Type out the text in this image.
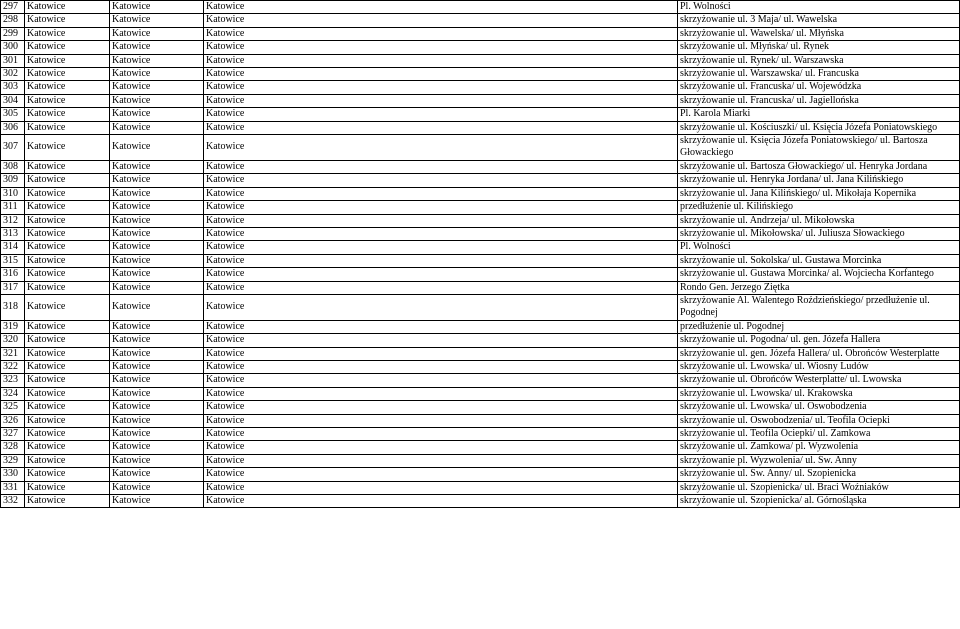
297	Katowice	Katowice	Katowice	Pl. Wolności
298	Katowice	Katowice	Katowice	skrzyżowanie ul. 3 Maja/ ul. Wawelska
299	Katowice	Katowice	Katowice	skrzyżowanie ul. Wawelska/ ul. Młyńska
300	Katowice	Katowice	Katowice	skrzyżowanie ul. Młyńska/ ul. Rynek
301	Katowice	Katowice	Katowice	skrzyżowanie ul. Rynek/ ul. Warszawska
302	Katowice	Katowice	Katowice	skrzyżowanie ul. Warszawska/ ul. Francuska
303	Katowice	Katowice	Katowice	skrzyżowanie ul. Francuska/ ul. Wojewódzka
304	Katowice	Katowice	Katowice	skrzyżowanie ul. Francuska/ ul. Jagiellońska
305	Katowice	Katowice	Katowice	Pl. Karola Miarki
306	Katowice	Katowice	Katowice	skrzyżowanie ul. Kościuszki/ ul. Księcia Józefa Poniatowskiego
307	Katowice	Katowice	Katowice	skrzyżowanie ul. Księcia Józefa Poniatowskiego/ ul. Bartosza Głowackiego
308	Katowice	Katowice	Katowice	skrzyżowanie ul. Bartosza Głowackiego/ ul. Henryka Jordana
309	Katowice	Katowice	Katowice	skrzyżowanie ul. Henryka Jordana/ ul. Jana Kilińskiego
310	Katowice	Katowice	Katowice	skrzyżowanie ul. Jana Kilińskiego/ ul. Mikołaja Kopernika
311	Katowice	Katowice	Katowice	przedłużenie ul. Kilińskiego
312	Katowice	Katowice	Katowice	skrzyżowanie ul. Andrzeja/ ul. Mikołowska
313	Katowice	Katowice	Katowice	skrzyżowanie ul. Mikołowska/ ul. Juliusza Słowackiego
314	Katowice	Katowice	Katowice	Pl. Wolności
315	Katowice	Katowice	Katowice	skrzyżowanie ul. Sokolska/ ul. Gustawa Morcinka
316	Katowice	Katowice	Katowice	skrzyżowanie ul. Gustawa Morcinka/ al. Wojciecha Korfantego
317	Katowice	Katowice	Katowice	Rondo Gen. Jerzego Ziętka
318	Katowice	Katowice	Katowice	skrzyżowanie Al. Walentego Roździeńskiego/ przedłużenie ul. Pogodnej
319	Katowice	Katowice	Katowice	przedłużenie ul. Pogodnej
320	Katowice	Katowice	Katowice	skrzyżowanie ul. Pogodna/ ul. gen. Józefa Hallera
321	Katowice	Katowice	Katowice	skrzyżowanie ul. gen. Józefa Hallera/ ul. Obrońców Westerplatte
322	Katowice	Katowice	Katowice	skrzyżowanie ul. Lwowska/ ul. Wiosny Ludów
323	Katowice	Katowice	Katowice	skrzyżowanie ul. Obrońców Westerplatte/ ul. Lwowska
324	Katowice	Katowice	Katowice	skrzyżowanie ul. Lwowska/ ul. Krakowska
325	Katowice	Katowice	Katowice	skrzyżowanie ul. Lwowska/ ul. Oswobodzenia
326	Katowice	Katowice	Katowice	skrzyżowanie ul. Oswobodzenia/ ul. Teofila Ociepki
327	Katowice	Katowice	Katowice	skrzyżowanie ul. Teofila Ociepki/ ul. Zamkowa
328	Katowice	Katowice	Katowice	skrzyżowanie ul. Zamkowa/ pl. Wyzwolenia
329	Katowice	Katowice	Katowice	skrzyżowanie pl. Wyzwolenia/ ul. Św. Anny
330	Katowice	Katowice	Katowice	skrzyżowanie ul. Św. Anny/ ul. Szopienicka
331	Katowice	Katowice	Katowice	skrzyżowanie ul. Szopienicka/ ul. Braci Woźniaków
332	Katowice	Katowice	Katowice	skrzyżowanie ul. Szopienicka/ al. Górnośląska
